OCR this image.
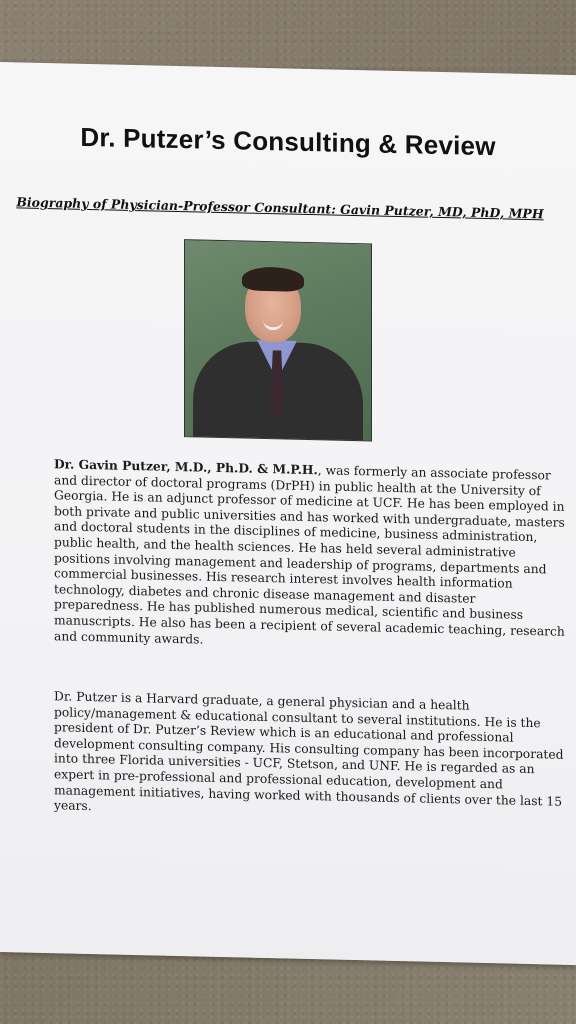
Dr. Putzer’s Consulting & Review
Biography of Physician-Professor Consultant: Gavin Putzer, MD, PhD, MPH

Dr. Gavin Putzer, M.D., Ph.D. & M.P.H., was formerly an associate professor and director of doctoral programs (DrPH) in public health at the University of Georgia. He is an adjunct professor of medicine at UCF. He has been employed in both private and public universities and has worked with undergraduate, masters and doctoral students in the disciplines of medicine, business administration, public health, and the health sciences. He has held several administrative positions involving management and leadership of programs, departments and commercial businesses. His research interest involves health information technology, diabetes and chronic disease management and disaster preparedness. He has published numerous medical, scientific and business manuscripts. He also has been a recipient of several academic teaching, research and community awards.

Dr. Putzer is a Harvard graduate, a general physician and a health policy/management & educational consultant to several institutions. He is the president of Dr. Putzer’s Review which is an educational and professional development consulting company. His consulting company has been incorporated into three Florida universities - UCF, Stetson, and UNF. He is regarded as an expert in pre-professional and professional education, development and management initiatives, having worked with thousands of clients over the last 15 years.
